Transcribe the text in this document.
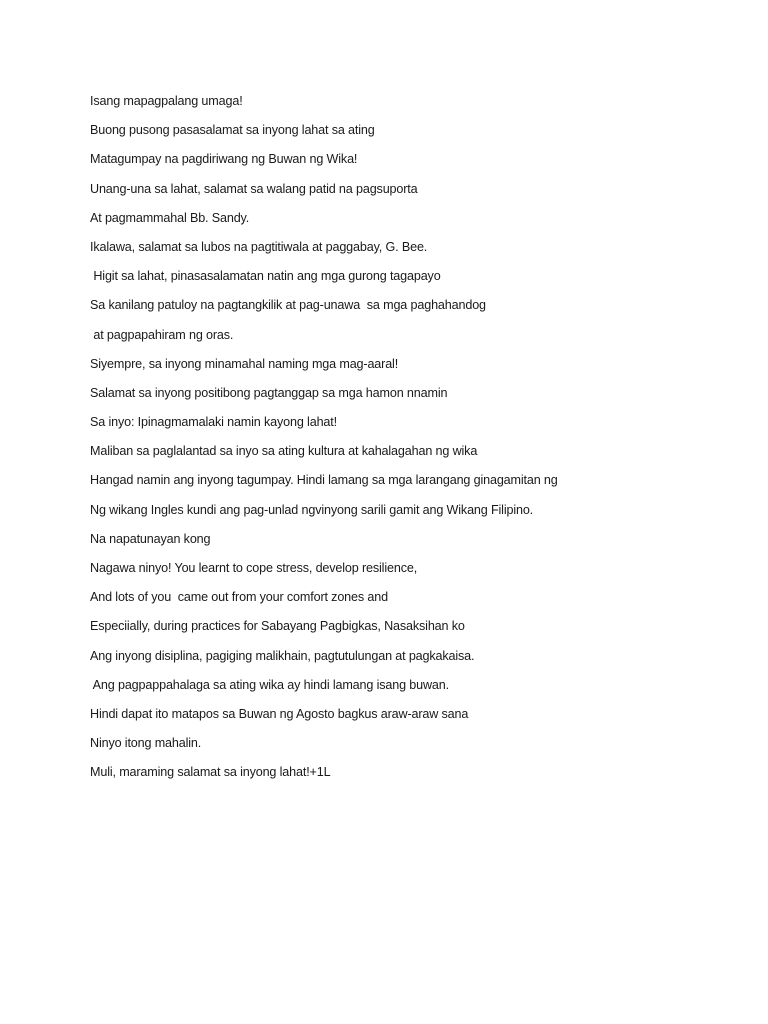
Isang mapagpalang umaga!
Buong pusong pasasalamat sa inyong lahat sa ating
Matagumpay na pagdiriwang ng Buwan ng Wika!
Unang-una sa lahat, salamat sa walang patid na pagsuporta
At pagmammahal Bb. Sandy.
Ikalawa, salamat sa lubos na pagtitiwala at paggabay, G. Bee.
Higit sa lahat, pinasasalamatan natin ang mga gurong tagapayo
Sa kanilang patuloy na pagtangkilik at pag-unawa  sa mga paghahandog
at pagpapahiram ng oras.
Siyempre, sa inyong minamahal naming mga mag-aaral!
Salamat sa inyong positibong pagtanggap sa mga hamon nnamin
Sa inyo: Ipinagmamalaki namin kayong lahat!
Maliban sa paglalantad sa inyo sa ating kultura at kahalagahan ng wika
Hangad namin ang inyong tagumpay. Hindi lamang sa mga larangang ginagamitan ng
Ng wikang Ingles kundi ang pag-unlad ngvinyong sarili gamit ang Wikang Filipino.
Na napatunayan kong
Nagawa ninyo! You learnt to cope stress, develop resilience,
And lots of you  came out from your comfort zones and
Especiially, during practices for Sabayang Pagbigkas, Nasaksihan ko
Ang inyong disiplina, pagiging malikhain, pagtutulungan at pagkakaisa.
Ang pagpappahalaga sa ating wika ay hindi lamang isang buwan.
Hindi dapat ito matapos sa Buwan ng Agosto bagkus araw-araw sana
Ninyo itong mahalin.
Muli, maraming salamat sa inyong lahat!+1L
